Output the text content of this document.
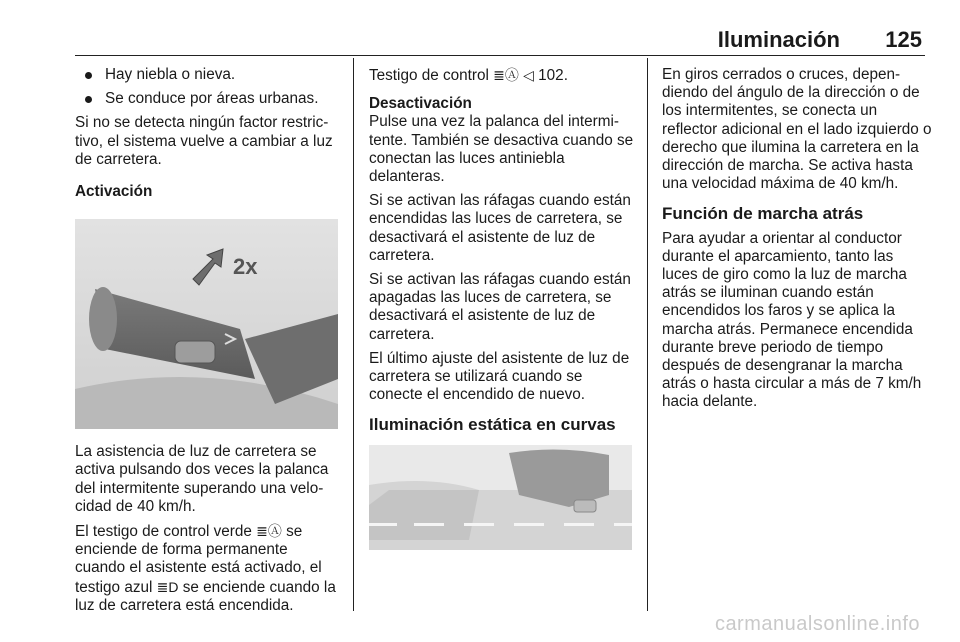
Iluminación 125
Hay niebla o nieva.
Se conduce por áreas urbanas.

Si no se detecta ningún factor restrictivo, el sistema vuelve a cambiar a luz de carretera.

Activación
2x

La asistencia de luz de carretera se activa pulsando dos veces la palanca del intermitente superando una velocidad de 40 km/h.

El testigo de control verde ≣Ⓐ se enciende de forma permanente cuando el asistente está activado, el testigo azul ≣D se enciende cuando la luz de carretera está encendida.

Testigo de control ≣Ⓐ ◁ 102.

Desactivación

Pulse una vez la palanca del intermitente. También se desactiva cuando se conectan las luces antiniebla delanteras.

Si se activan las ráfagas cuando están encendidas las luces de carretera, se desactivará el asistente de luz de carretera.

Si se activan las ráfagas cuando están apagadas las luces de carretera, se desactivará el asistente de luz de carretera.

El último ajuste del asistente de luz de carretera se utilizará cuando se conecte el encendido de nuevo.

Iluminación estática en curvas

En giros cerrados o cruces, dependiendo del ángulo de la dirección o de los intermitentes, se conecta un reflector adicional en el lado izquierdo o derecho que ilumina la carretera en la dirección de marcha. Se activa hasta una velocidad máxima de 40 km/h.

Función de marcha atrás

Para ayudar a orientar al conductor durante el aparcamiento, tanto las luces de giro como la luz de marcha atrás se iluminan cuando están encendidos los faros y se aplica la marcha atrás. Permanece encendida durante breve periodo de tiempo después de desengranar la marcha atrás o hasta circular a más de 7 km/h hacia delante.

carmanualsonline.info
